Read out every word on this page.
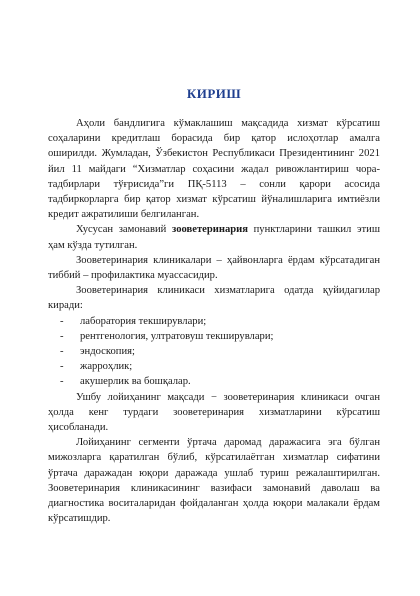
КИРИШ

Аҳоли бандлигига кўмаклашиш мақсадида хизмат кўрсатиш соҳаларини кредитлаш борасида бир қатор ислоҳотлар амалга оширилди. Жумладан, Ўзбекистон Республикаси Президентининг 2021 йил 11 майдаги “Хизматлар соҳасини жадал ривожлантириш чора-тадбирлари тўғрисида”ги ПҚ-5113 – сонли қарори асосида тадбиркорларга бир қатор хизмат кўрсатиш йўналишларига имтиёзли кредит ажратилиши белгиланган.

Хусусан замонавий зооветеринария пунктларини ташкил этиш ҳам кўзда тутилган.

Зооветеринария клиникалари – ҳайвонларга ёрдам кўрсатадиган тиббий – профилактика муассасидир.

Зооветеринария клиникаси хизматларига одатда қуйидагилар киради:

- лаборатория текширувлари;
- рентгенология, ултратовуш текширувлари;
- эндоскопия;
- жарроҳлик;
- акушерлик ва бошқалар.

Ушбу лойиҳанинг мақсади − зооветеринария клиникаси очган ҳолда кенг турдаги зооветеринария хизматларини кўрсатиш ҳисобланади.

Лойиҳанинг сегменти ўртача даромад даражасига эга бўлган мижозларга қаратилган бўлиб, кўрсатилаётган хизматлар сифатини ўртача даражадан юқори даражада ушлаб туриш режалаштирилган. Зооветеринария клиникасининг вазифаси замонавий даволаш ва диагностика воситаларидан фойдаланган ҳолда юқори малакали ёрдам кўрсатишдир.
